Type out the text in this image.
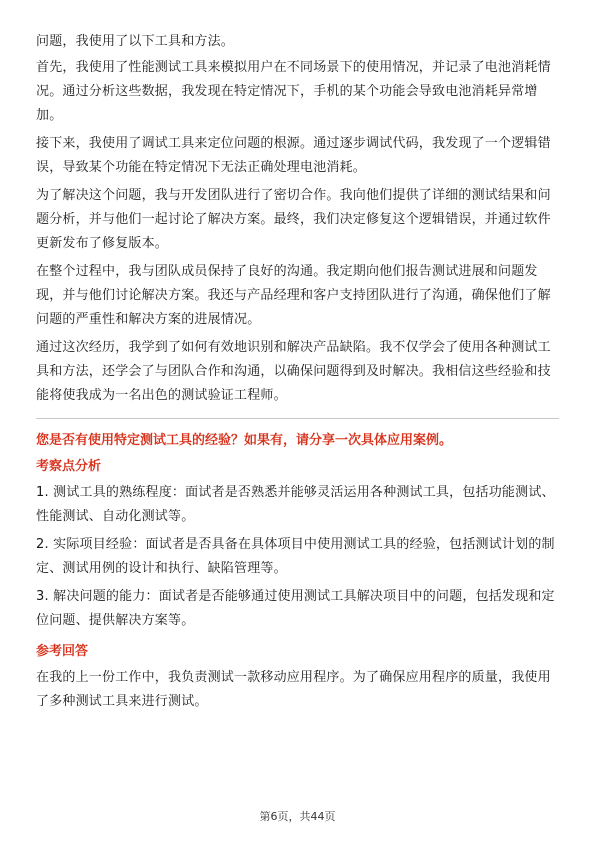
问题，我使用了以下工具和方法。

首先，我使用了性能测试工具来模拟用户在不同场景下的使用情况，并记录了电池消耗情况。通过分析这些数据，我发现在特定情况下，手机的某个功能会导致电池消耗异常增加。

接下来，我使用了调试工具来定位问题的根源。通过逐步调试代码，我发现了一个逻辑错误，导致某个功能在特定情况下无法正确处理电池消耗。

为了解决这个问题，我与开发团队进行了密切合作。我向他们提供了详细的测试结果和问题分析，并与他们一起讨论了解决方案。最终，我们决定修复这个逻辑错误，并通过软件更新发布了修复版本。

在整个过程中，我与团队成员保持了良好的沟通。我定期向他们报告测试进展和问题发现，并与他们讨论解决方案。我还与产品经理和客户支持团队进行了沟通，确保他们了解问题的严重性和解决方案的进展情况。

通过这次经历，我学到了如何有效地识别和解决产品缺陷。我不仅学会了使用各种测试工具和方法，还学会了与团队合作和沟通，以确保问题得到及时解决。我相信这些经验和技能将使我成为一名出色的测试验证工程师。

您是否有使用特定测试工具的经验？如果有，请分享一次具体应用案例。

考察点分析

1. 测试工具的熟练程度：面试者是否熟悉并能够灵活运用各种测试工具，包括功能测试、性能测试、自动化测试等。

2. 实际项目经验：面试者是否具备在具体项目中使用测试工具的经验，包括测试计划的制定、测试用例的设计和执行、缺陷管理等。

3. 解决问题的能力：面试者是否能够通过使用测试工具解决项目中的问题，包括发现和定位问题、提供解决方案等。

参考回答

在我的上一份工作中，我负责测试一款移动应用程序。为了确保应用程序的质量，我使用了多种测试工具来进行测试。

第6页，共44页
